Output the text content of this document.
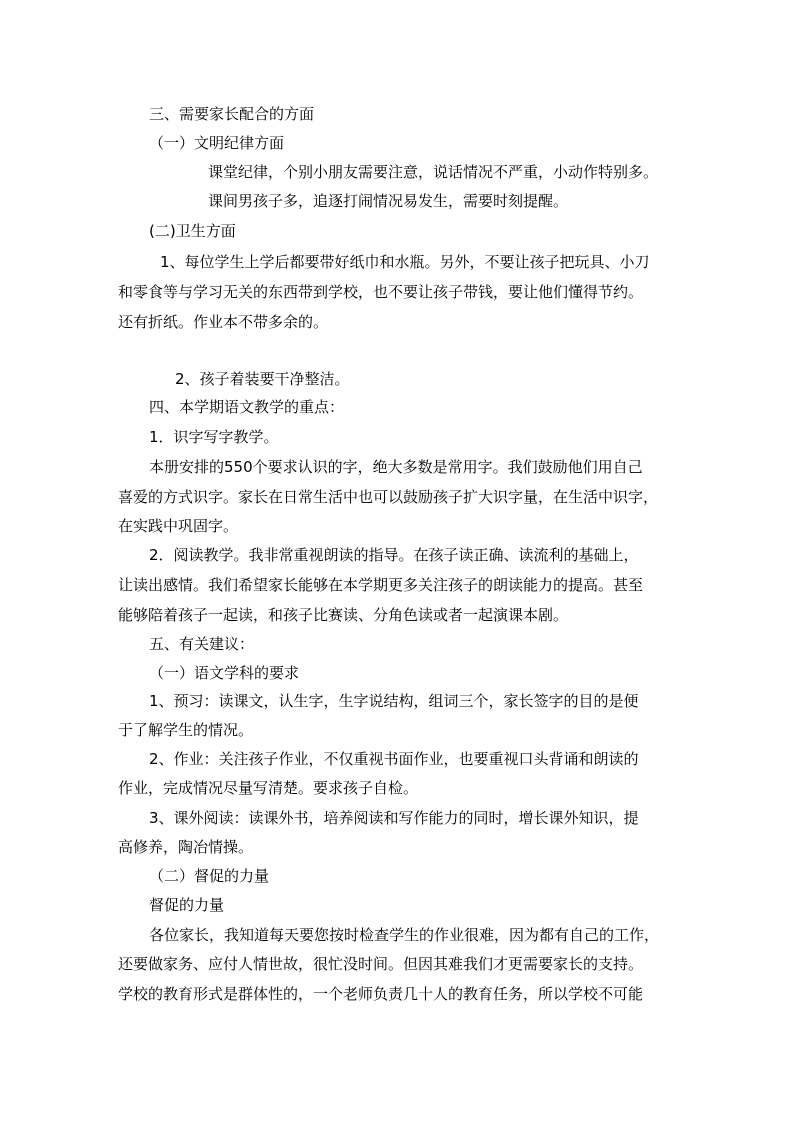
三、需要家长配合的方面
（一）文明纪律方面
课堂纪律，个别小朋友需要注意，说话情况不严重，小动作特别多。
课间男孩子多，追逐打闹情况易发生，需要时刻提醒。
(二)卫生方面
1、每位学生上学后都要带好纸巾和水瓶。另外，不要让孩子把玩具、小刀
和零食等与学习无关的东西带到学校，也不要让孩子带钱，要让他们懂得节约。
还有折纸。作业本不带多余的。
2、孩子着装要干净整洁。
四、本学期语文教学的重点：
1．识字写字教学。
本册安排的550个要求认识的字，绝大多数是常用字。我们鼓励他们用自己
喜爱的方式识字。家长在日常生活中也可以鼓励孩子扩大识字量，在生活中识字，
在实践中巩固字。
2．阅读教学。我非常重视朗读的指导。在孩子读正确、读流利的基础上，
让读出感情。我们希望家长能够在本学期更多关注孩子的朗读能力的提高。甚至
能够陪着孩子一起读，和孩子比赛读、分角色读或者一起演课本剧。
五、有关建议：
（一）语文学科的要求
1、预习：读课文，认生字，生字说结构，组词三个，家长签字的目的是便
于了解学生的情况。
2、作业：关注孩子作业，不仅重视书面作业，也要重视口头背诵和朗读的
作业，完成情况尽量写清楚。要求孩子自检。
3、课外阅读：读课外书，培养阅读和写作能力的同时，增长课外知识，提
高修养，陶冶情操。
（二）督促的力量
督促的力量
各位家长，我知道每天要您按时检查学生的作业很难，因为都有自己的工作，
还要做家务、应付人情世故，很忙没时间。但因其难我们才更需要家长的支持。
学校的教育形式是群体性的，一个老师负责几十人的教育任务，所以学校不可能
